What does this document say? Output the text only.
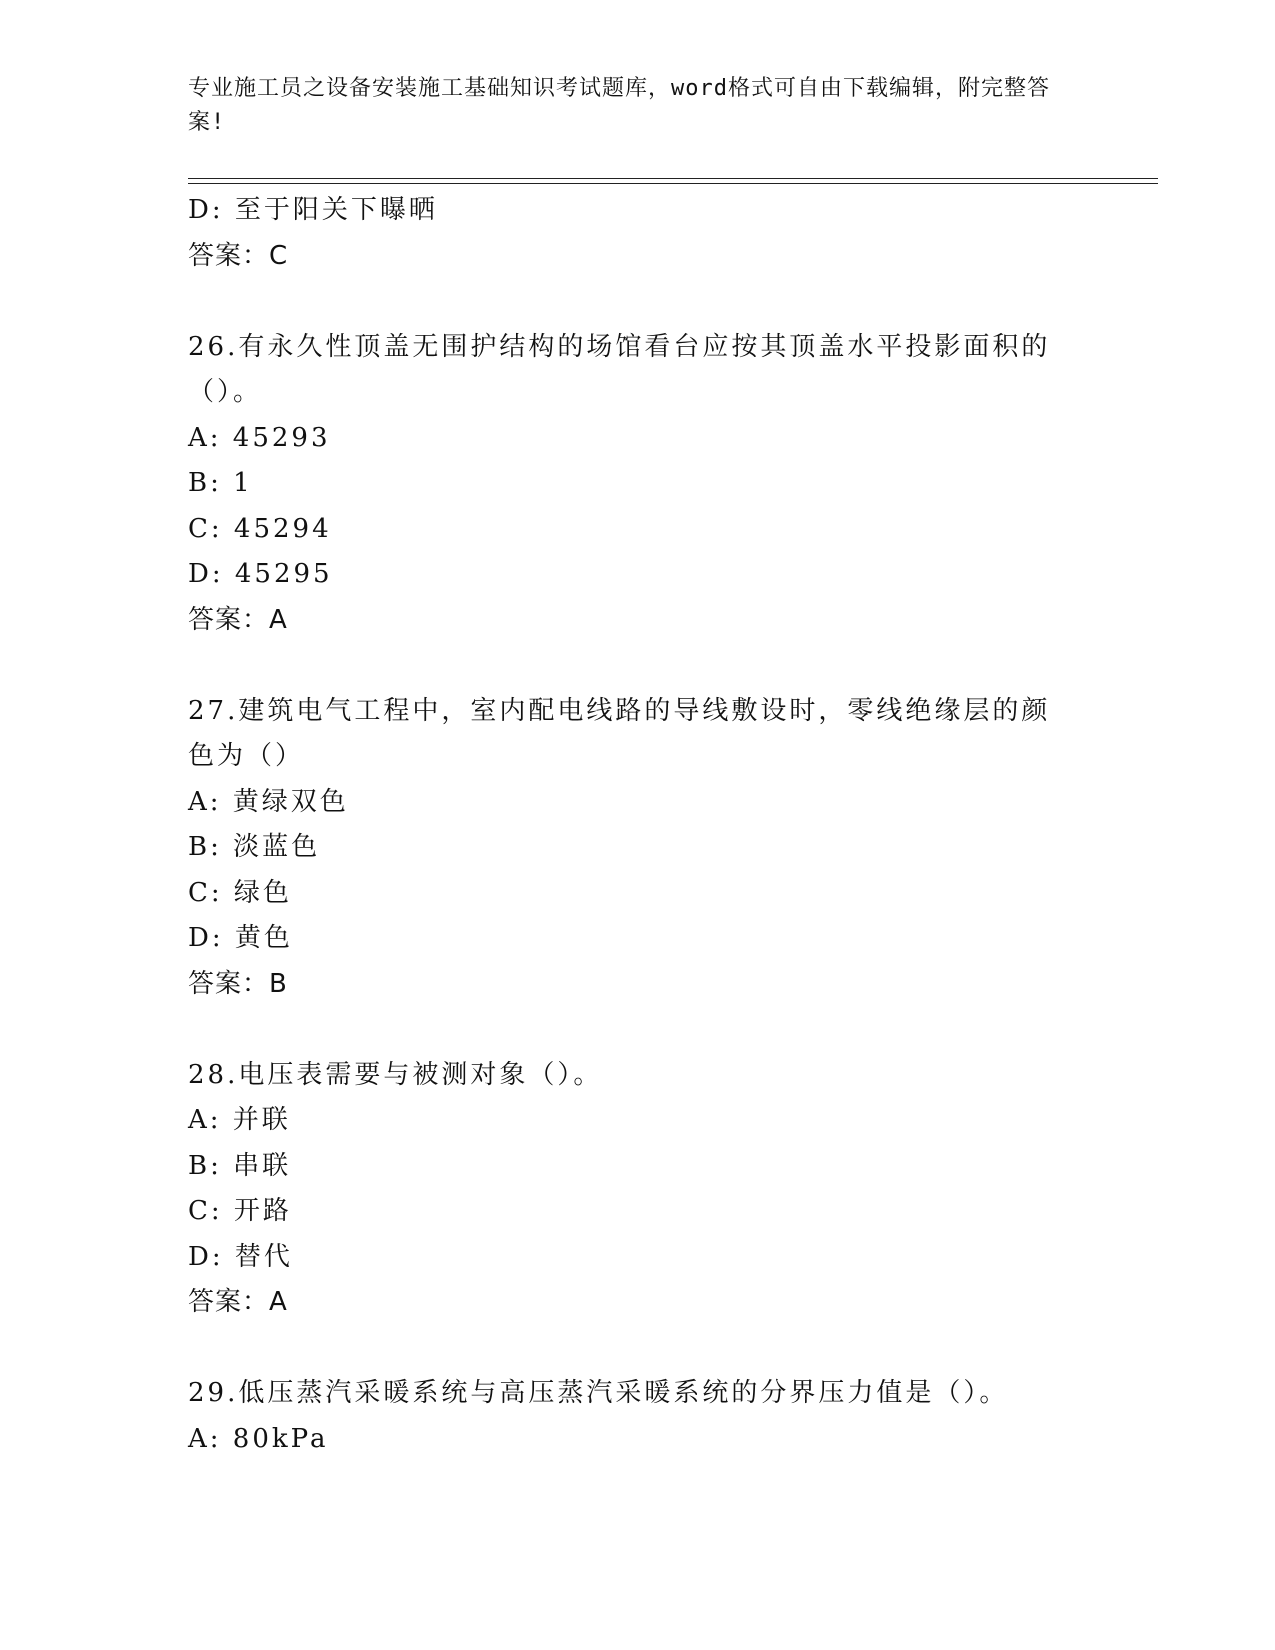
专业施工员之设备安装施工基础知识考试题库，word格式可自由下载编辑，附完整答案!
D: 至于阳关下曝晒
答案：C
26.有永久性顶盖无围护结构的场馆看台应按其顶盖水平投影面积的（）。
A: 45293
B: 1
C: 45294
D: 45295
答案：A
27.建筑电气工程中，室内配电线路的导线敷设时，零线绝缘层的颜色为（）
A: 黄绿双色
B: 淡蓝色
C: 绿色
D: 黄色
答案：B
28.电压表需要与被测对象（）。
A: 并联
B: 串联
C: 开路
D: 替代
答案：A
29.低压蒸汽采暖系统与高压蒸汽采暖系统的分界压力值是（）。
A: 80kPa
